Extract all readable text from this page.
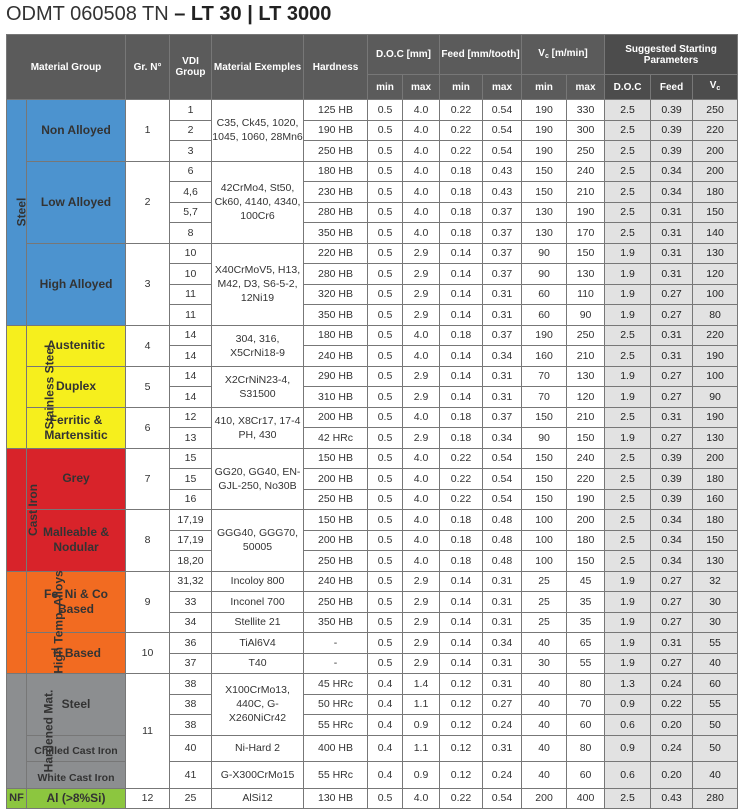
ODMT 060508 TN – LT 30 | LT 3000
Material Group		Gr. N°	VDI Group	Material Exemples	Hardness	D.O.C [mm]		Feed [mm/tooth]		$V_c$ [m/min]		Suggested Starting Parameters		
						min	max	min	max	min	max	D.O.C	Feed	$V_c$
Steel	Non Alloyed	1	1	C35, Ck45, 1020, 1045, 1060, 28Mn6	125 HB	0.5	4.0	0.22	0.54	190	330	2.5	0.39	250
			2		190 HB	0.5	4.0	0.22	0.54	190	300	2.5	0.39	220
			3		250 HB	0.5	4.0	0.22	0.54	190	250	2.5	0.39	200
	Low Alloyed	2	6	42CrMo4, St50, Ck60, 4140, 4340, 100Cr6	180 HB	0.5	4.0	0.18	0.43	150	240	2.5	0.34	200
			4,6		230 HB	0.5	4.0	0.18	0.43	150	210	2.5	0.34	180
			5,7		280 HB	0.5	4.0	0.18	0.37	130	190	2.5	0.31	150
			8		350 HB	0.5	4.0	0.18	0.37	130	170	2.5	0.31	140
	High Alloyed	3	10	X40CrMoV5, H13, M42, D3, S6-5-2, 12Ni19	220 HB	0.5	2.9	0.14	0.37	90	150	1.9	0.31	130
			10		280 HB	0.5	2.9	0.14	0.37	90	130	1.9	0.31	120
			11		320 HB	0.5	2.9	0.14	0.31	60	110	1.9	0.27	100
			11		350 HB	0.5	2.9	0.14	0.31	60	90	1.9	0.27	80
Stainless Steel	Austenitic	4	14	304, 316, X5CrNi18-9	180 HB	0.5	4.0	0.18	0.37	190	250	2.5	0.31	220
			14		240 HB	0.5	4.0	0.14	0.34	160	210	2.5	0.31	190
	Duplex	5	14	X2CrNiN23-4, S31500	290 HB	0.5	2.9	0.14	0.31	70	130	1.9	0.27	100
			14		310 HB	0.5	2.9	0.14	0.31	70	120	1.9	0.27	90
	Ferritic & Martensitic	6	12	410, X8Cr17, 17-4 PH, 430	200 HB	0.5	4.0	0.18	0.37	150	210	2.5	0.31	190
			13		42 HRc	0.5	2.9	0.18	0.34	90	150	1.9	0.27	130
Cast Iron	Grey	7	15	GG20, GG40, EN-GJL-250, No30B	150 HB	0.5	4.0	0.22	0.54	150	240	2.5	0.39	200
			15		200 HB	0.5	4.0	0.22	0.54	150	220	2.5	0.39	180
			16		250 HB	0.5	4.0	0.22	0.54	150	190	2.5	0.39	160
	Malleable & Nodular	8	17,19	GGG40, GGG70, 50005	150 HB	0.5	4.0	0.18	0.48	100	200	2.5	0.34	180
			17,19		200 HB	0.5	4.0	0.18	0.48	100	180	2.5	0.34	150
			18,20		250 HB	0.5	4.0	0.18	0.48	100	150	2.5	0.34	130
High Temp. Alloys	Fe, Ni & Co Based	9	31,32	Incoloy 800	240 HB	0.5	2.9	0.14	0.31	25	45	1.9	0.27	32
			33	Inconel 700	250 HB	0.5	2.9	0.14	0.31	25	35	1.9	0.27	30
			34	Stellite 21	350 HB	0.5	2.9	0.14	0.31	25	35	1.9	0.27	30
	Ti Based	10	36	TiAl6V4	-	0.5	2.9	0.14	0.34	40	65	1.9	0.31	55
			37	T40	-	0.5	2.9	0.14	0.31	30	55	1.9	0.27	40
Hardened Mat.	Steel	11	38	X100CrMo13, 440C, G-X260NiCr42	45 HRc	0.4	1.4	0.12	0.31	40	80	1.3	0.24	60
			38		50 HRc	0.4	1.1	0.12	0.27	40	70	0.9	0.22	55
			38		55 HRc	0.4	0.9	0.12	0.24	40	60	0.6	0.20	50
	Chilled Cast Iron		40	Ni-Hard 2	400 HB	0.4	1.1	0.12	0.31	40	80	0.9	0.24	50
	White Cast Iron		41	G-X300CrMo15	55 HRc	0.4	0.9	0.12	0.24	40	60	0.6	0.20	40
NF	Al (>8%Si)	12	25	AlSi12	130 HB	0.5	4.0	0.22	0.54	200	400	2.5	0.43	280
